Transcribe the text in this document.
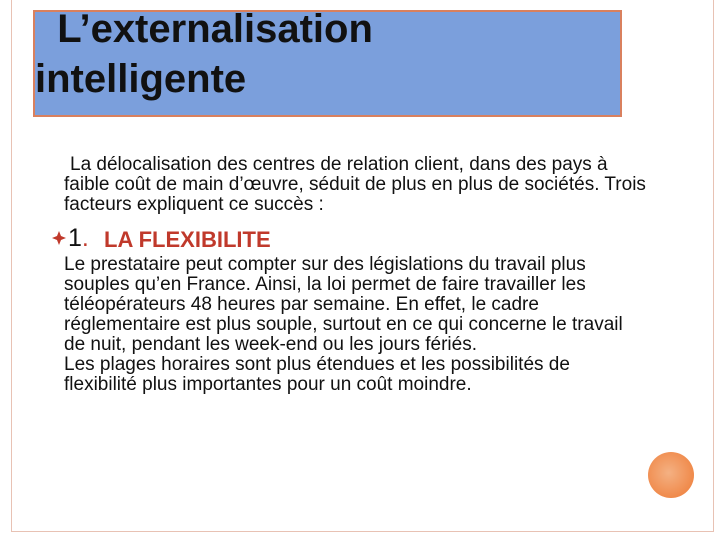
L’externalisation
intelligente

La délocalisation des centres de relation client, dans des pays à faible coût de main d’œuvre, séduit de plus en plus de sociétés. Trois facteurs expliquent ce succès :

1. LA FLEXIBILITE

Le prestataire peut compter sur des législations du travail plus souples qu’en France. Ainsi, la loi permet de faire travailler les téléopérateurs 48 heures par semaine. En effet, le cadre réglementaire est plus souple, surtout en ce qui concerne le travail de nuit, pendant les week-end ou les jours fériés.

Les plages horaires sont plus étendues et les possibilités de flexibilité plus importantes pour un coût moindre.
